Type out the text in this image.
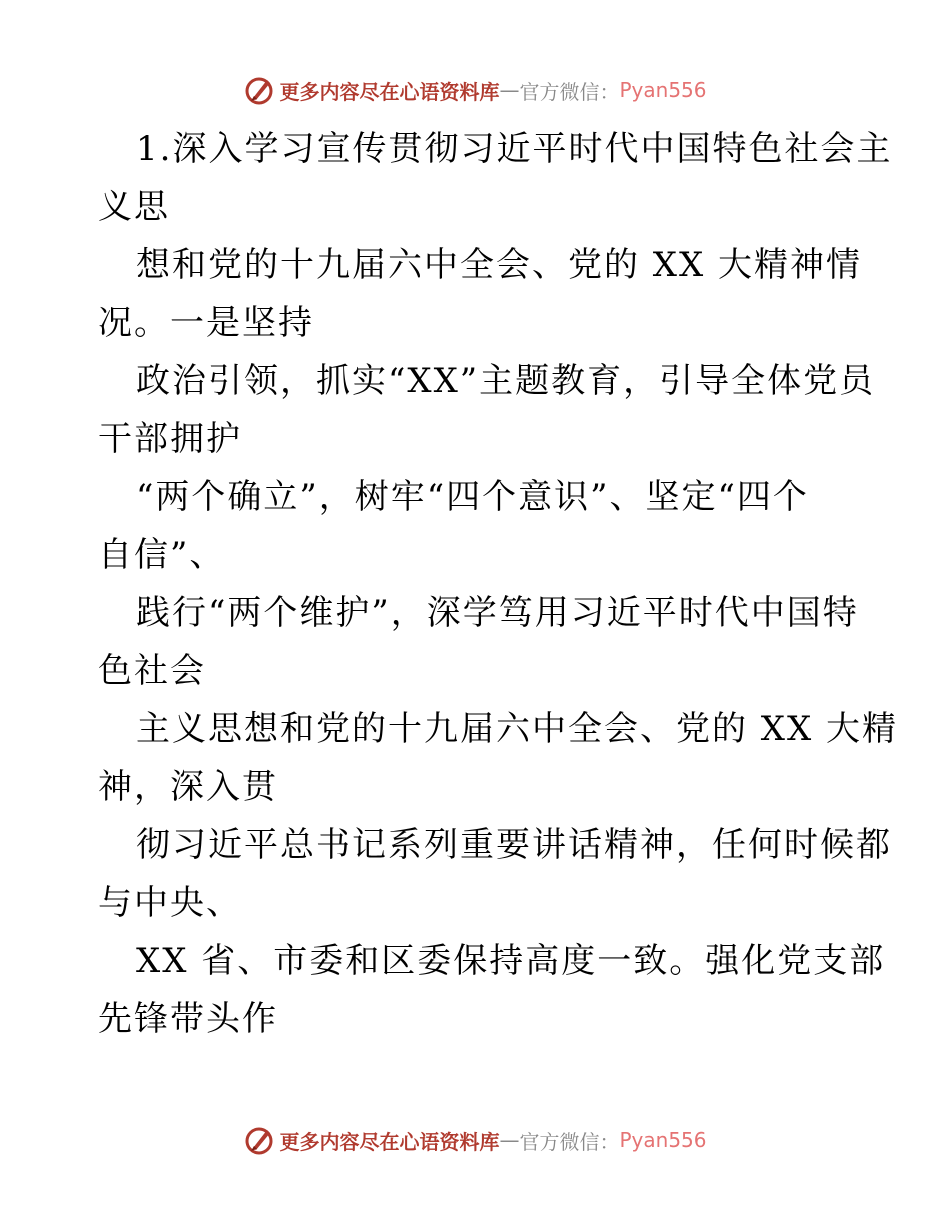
更多内容尽在心语资料库 — 官方微信： Pyan556
1.深入学习宣传贯彻习近平时代中国特色社会主
义思
想和党的十九届六中全会、党的 XX 大精神情
况。一是坚持
政治引领，抓实“XX”主题教育，引导全体党员
干部拥护
“两个确立”，树牢“四个意识”、坚定“四个
自信”、
践行“两个维护”，深学笃用习近平时代中国特
色社会
主义思想和党的十九届六中全会、党的 XX 大精
神，深入贯
彻习近平总书记系列重要讲话精神，任何时候都
与中央、
XX 省、市委和区委保持高度一致。强化党支部
先锋带头作
更多内容尽在心语资料库 — 官方微信： Pyan556
